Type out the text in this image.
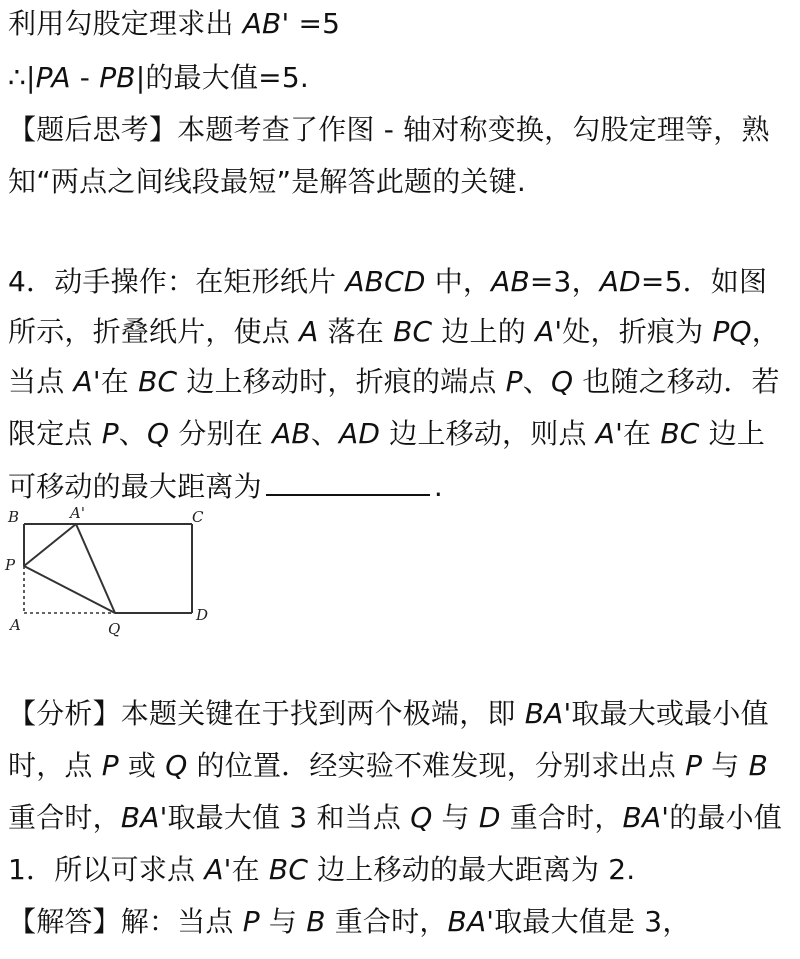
利用勾股定理求出 AB' =5
∴|PA - PB|的最大值=5.
【题后思考】本题考查了作图 - 轴对称变换，勾股定理等，熟
知“两点之间线段最短”是解答此题的关键.
4．动手操作：在矩形纸片 ABCD 中，AB=3，AD=5．如图
所示，折叠纸片，使点 A 落在 BC 边上的 A'处，折痕为 PQ，
当点 A'在 BC 边上移动时，折痕的端点 P、Q 也随之移动．若
限定点 P、Q 分别在 AB、AD 边上移动，则点 A'在 BC 边上
可移动的最大距离为	.
【分析】本题关键在于找到两个极端，即 BA'取最大或最小值
时，点 P 或 Q 的位置．经实验不难发现，分别求出点 P 与 B
重合时，BA'取最大值 3 和当点 Q 与 D 重合时，BA'的最小值
1．所以可求点 A'在 BC 边上移动的最大距离为 2.
【解答】解：当点 P 与 B 重合时，BA'取最大值是 3，
B	A'	C
P
A	Q
D
